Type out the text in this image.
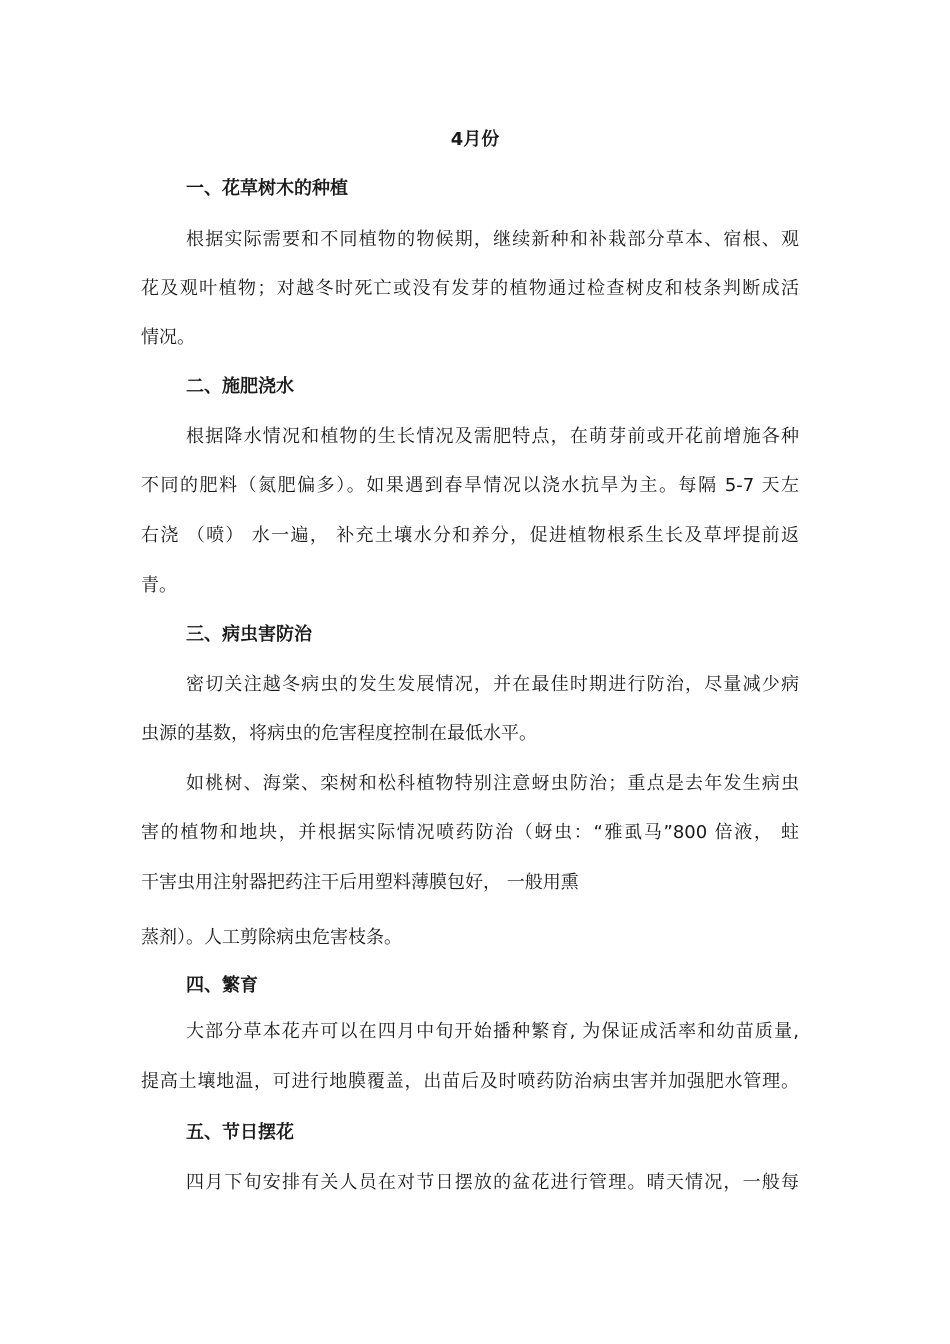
4月份
一、花草树木的种植
根据实际需要和不同植物的物候期，继续新种和补栽部分草本、宿根、观
花及观叶植物；对越冬时死亡或没有发芽的植物通过检查树皮和枝条判断成活
情况。
二、施肥浇水
根据降水情况和植物的生长情况及需肥特点，在萌芽前或开花前增施各种
不同的肥料（氮肥偏多）。如果遇到春旱情况以浇水抗旱为主。每隔 5-7 天左
右浇 （喷） 水一遍， 补充土壤水分和养分，促进植物根系生长及草坪提前返
青。
三、病虫害防治
密切关注越冬病虫的发生发展情况，并在最佳时期进行防治，尽量减少病
虫源的基数，将病虫的危害程度控制在最低水平。
如桃树、海棠、栾树和松科植物特别注意蚜虫防治；重点是去年发生病虫
害的植物和地块，并根据实际情况喷药防治（蚜虫：“雅虱马”800 倍液， 蛀
干害虫用注射器把药注干后用塑料薄膜包好， 一般用熏
蒸剂）。人工剪除病虫危害枝条。
四、繁育
大部分草本花卉可以在四月中旬开始播种繁育, 为保证成活率和幼苗质量,
提高土壤地温，可进行地膜覆盖，出苗后及时喷药防治病虫害并加强肥水管理。
五、节日摆花
四月下旬安排有关人员在对节日摆放的盆花进行管理。晴天情况，一般每
